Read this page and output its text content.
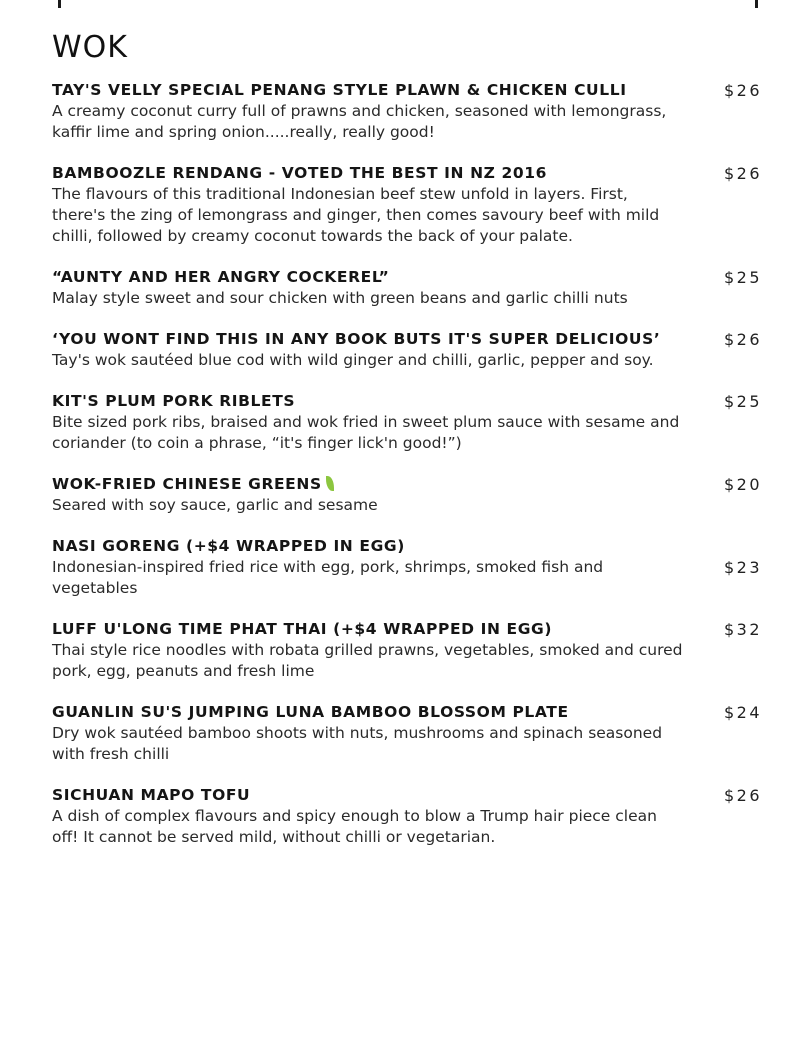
WOK
TAY'S VELLY SPECIAL PENANG STYLE PLAWN & CHICKEN CULLI
A creamy coconut curry full of prawns and chicken, seasoned with lemongrass, kaffir lime and spring onion.....really, really good!
$26
BAMBOOZLE RENDANG - VOTED THE BEST IN NZ 2016
The flavours of this traditional Indonesian beef stew unfold in layers. First, there's the zing of lemongrass and ginger, then comes savoury beef with mild chilli, followed by creamy coconut towards the back of your palate.
$26
“AUNTY AND HER ANGRY COCKEREL”
Malay style sweet and sour chicken with green beans and garlic chilli nuts
$25
‘YOU WONT FIND THIS IN ANY BOOK BUTS IT'S SUPER DELICIOUS’
Tay's wok sautéed blue cod with wild ginger and chilli, garlic, pepper and soy.
$26
KIT'S PLUM PORK RIBLETS
Bite sized pork ribs, braised and wok fried in sweet plum sauce with sesame and coriander (to coin a phrase, “it's finger lick'n good!”)
$25
WOK-FRIED CHINESE GREENS
Seared with soy sauce, garlic and sesame
$20
NASI GORENG (+$4 WRAPPED IN EGG)
Indonesian-inspired fried rice with egg, pork, shrimps, smoked fish and vegetables
$23
LUFF U'LONG TIME PHAT THAI (+$4 WRAPPED IN EGG)
Thai style rice noodles with robata grilled prawns, vegetables, smoked and cured pork, egg, peanuts and fresh lime
$32
GUANLIN SU'S JUMPING LUNA BAMBOO BLOSSOM PLATE
Dry wok sautéed bamboo shoots with nuts, mushrooms and spinach seasoned with fresh chilli
$24
SICHUAN MAPO TOFU
A dish of complex flavours and spicy enough to blow a Trump hair piece clean off! It cannot be served mild, without chilli or vegetarian.
$26
